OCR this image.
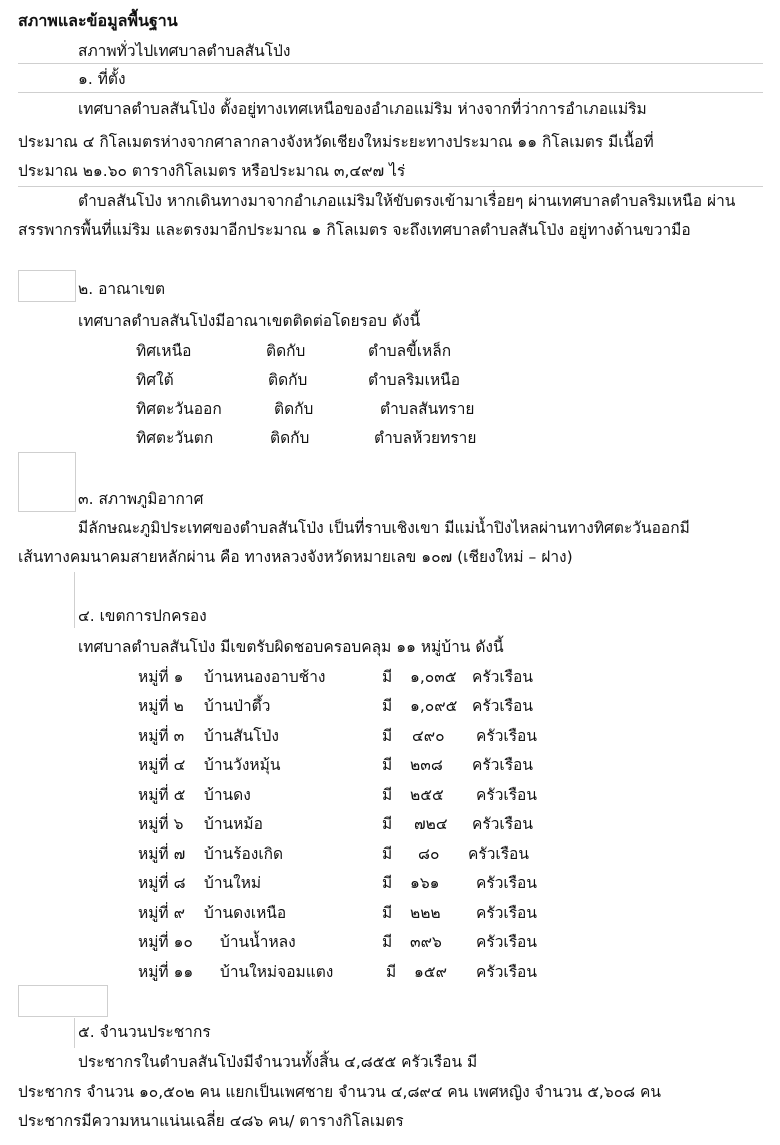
สภาพและข้อมูลพื้นฐาน
สภาพทั่วไปเทศบาลตำบลสันโป่ง
๑. ที่ตั้ง
เทศบาลตำบลสันโป่ง ตั้งอยู่ทางเทศเหนือของอำเภอแม่ริม ห่างจากที่ว่าการอำเภอแม่ริม
ประมาณ ๔ กิโลเมตรห่างจากศาลากลางจังหวัดเชียงใหม่ระยะทางประมาณ ๑๑ กิโลเมตร มีเนื้อที่
ประมาณ ๒๑.๖๐ ตารางกิโลเมตร หรือประมาณ ๓,๔๙๗ ไร่
ตำบลสันโป่ง หากเดินทางมาจากอำเภอแม่ริมให้ขับตรงเข้ามาเรื่อยๆ ผ่านเทศบาลตำบลริมเหนือ ผ่าน
สรรพากรพื้นที่แม่ริม และตรงมาอีกประมาณ ๑ กิโลเมตร จะถึงเทศบาลตำบลสันโป่ง อยู่ทางด้านขวามือ
๒. อาณาเขต
เทศบาลตำบลสันโป่งมีอาณาเขตติดต่อโดยรอบ ดังนี้
ทิศเหนือ	ติดกับ	ตำบลขี้เหล็ก
ทิศใต้	ติดกับ	ตำบลริมเหนือ
ทิศตะวันออก	ติดกับ	ตำบลสันทราย
ทิศตะวันตก	ติดกับ	ตำบลห้วยทราย
๓. สภาพภูมิอากาศ
มีลักษณะภูมิประเทศของตำบลสันโป่ง เป็นที่ราบเชิงเขา มีแม่น้ำปิงไหลผ่านทางทิศตะวันออกมี
เส้นทางคมนาคมสายหลักผ่าน คือ ทางหลวงจังหวัดหมายเลข ๑๐๗ (เชียงใหม่ – ฝาง)
๔. เขตการปกครอง
เทศบาลตำบลสันโป่ง มีเขตรับผิดชอบครอบคลุม ๑๑ หมู่บ้าน ดังนี้
หมู่ที่ ๑ บ้านหนองอาบช้าง	มี ๑,๐๓๕ ครัวเรือน
หมู่ที่ ๒ บ้านป่าตึ้ว	มี ๑,๐๙๕ ครัวเรือน
หมู่ที่ ๓ บ้านสันโป่ง	มี ๔๙๐ ครัวเรือน
หมู่ที่ ๔ บ้านวังหมุ้น	มี ๒๓๘ ครัวเรือน
หมู่ที่ ๕ บ้านดง	มี ๒๕๕ ครัวเรือน
หมู่ที่ ๖ บ้านหม้อ	มี ๗๒๔ ครัวเรือน
หมู่ที่ ๗ บ้านร้องเกิด	มี ๘๐ ครัวเรือน
หมู่ที่ ๘ บ้านใหม่	มี ๑๖๑ ครัวเรือน
หมู่ที่ ๙ บ้านดงเหนือ	มี ๒๒๒ ครัวเรือน
หมู่ที่ ๑๐ บ้านน้ำหลง	มี ๓๙๖ ครัวเรือน
หมู่ที่ ๑๑ บ้านใหม่จอมแตง	มี ๑๕๙ ครัวเรือน
๕. จำนวนประชากร
ประชากรในตำบลสันโป่งมีจำนวนทั้งสิ้น ๔,๘๕๕ ครัวเรือน มี
ประชากร จำนวน ๑๐,๕๐๒ คน แยกเป็นเพศชาย จำนวน ๔,๘๙๔ คน เพศหญิง จำนวน ๕,๖๐๘ คน
ประชากรมีความหนาแน่นเฉลี่ย ๔๘๖ คน/ ตารางกิโลเมตร
